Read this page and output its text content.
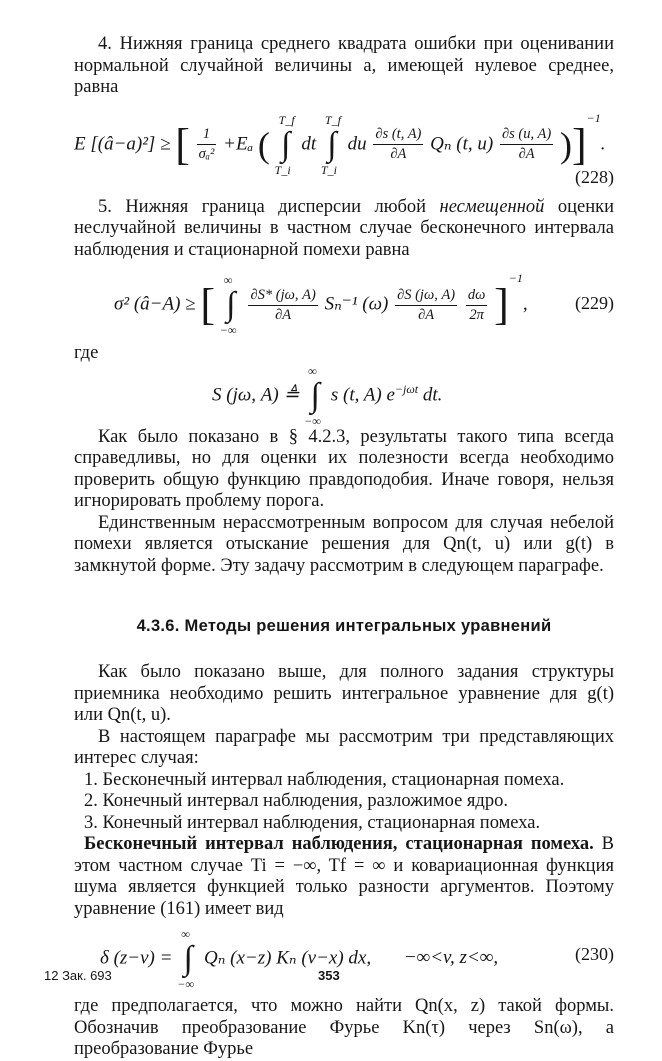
4. Нижняя граница среднего квадрата ошибки при оценивании нормальной случайной величины a, имеющей нулевое среднее, равна

E [(â−a)²] ≥ [ $\frac{1}{\text{σₐ²}} +E_a$ ( ∫
T_f
T_i
dt ∫
T_f
T_i
du $\frac{\partial s (t, A)}{\partial A}$ Qₙ (t, $u) \frac{\partial s (u, A)}{\partial A} )]^{-1}$.
(228)

5. Нижняя граница дисперсии любой несмещенной оценки неслучайной величины в частном случае бесконечного интервала наблюдения и стационарной помехи равна

σ² (â−A) ≥ [ ∫
∞
−∞

$\frac{\partial S* (j\omega, A)}{\partial A} S_n^{-1}$ $(\omega) \frac{\partial S (j\omega, A)}{\partial A}$
$\frac{d\omega}{2\pi} ]^{-1}$,	(229)

где

S (jω, A) ≜ ∫
∞
−∞
s (t, A) $e^{-j\omega t}$ dt.

Как было показано в § 4.2.3, результаты такого типа всегда справедливы, но для оценки их полезности всегда необходимо проверить общую функцию правдоподобия. Иначе говоря, нельзя игнорировать проблему порога.

Единственным нерассмотренным вопросом для случая небелой помехи является отыскание решения для Qn(t, u) или g(t) в замкнутой форме. Эту задачу рассмотрим в следующем параграфе.

4.3.6. Методы решения интегральных уравнений

Как было показано выше, для полного задания структуры приемника необходимо решить интегральное уравнение для g(t) или Qn(t, u).

В настоящем параграфе мы рассмотрим три представляющих интерес случая:

1. Бесконечный интервал наблюдения, стационарная помеха.

2. Конечный интервал наблюдения, разложимое ядро.

3. Конечный интервал наблюдения, стационарная помеха.

Бесконечный интервал наблюдения, стационарная помеха. В этом частном случае Ti = −∞, Tf = ∞ и ковариационная функция шума является функцией только разности аргументов. Поэтому уравнение (161) имеет вид

δ (z−v) = ∫
∞
−∞
Qₙ (x−z) Kₙ (v−x) dx, −∞<v, z<∞,	(230)

где предполагается, что можно найти Qn(x, z) такой формы. Обозначив преобразование Фурье Kn(τ) через Sn(ω), а преобразование Фурье

12 Зак. 693	353
